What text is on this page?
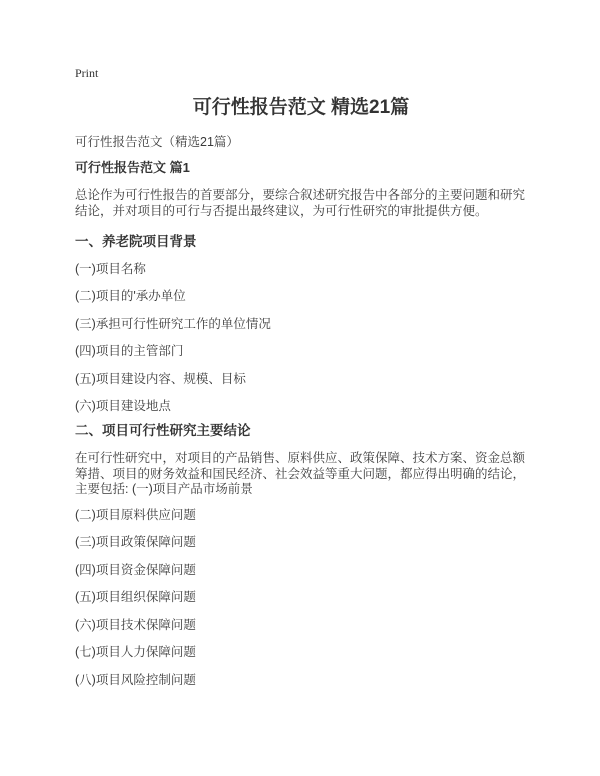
Print
可行性报告范文 精选21篇
可行性报告范文（精选21篇）
可行性报告范文 篇1

总论作为可行性报告的首要部分，要综合叙述研究报告中各部分的主要问题和研究结论，并对项目的可行与否提出最终建议，为可行性研究的审批提供方便。

一、养老院项目背景
(一)项目名称
(二)项目的'承办单位
(三)承担可行性研究工作的单位情况
(四)项目的主管部门
(五)项目建设内容、规模、目标
(六)项目建设地点
二、项目可行性研究主要结论

在可行性研究中，对项目的产品销售、原料供应、政策保障、技术方案、资金总额筹措、项目的财务效益和国民经济、社会效益等重大问题，都应得出明确的结论，主要包括: (一)项目产品市场前景

(二)项目原料供应问题
(三)项目政策保障问题
(四)项目资金保障问题
(五)项目组织保障问题
(六)项目技术保障问题
(七)项目人力保障问题
(八)项目风险控制问题
